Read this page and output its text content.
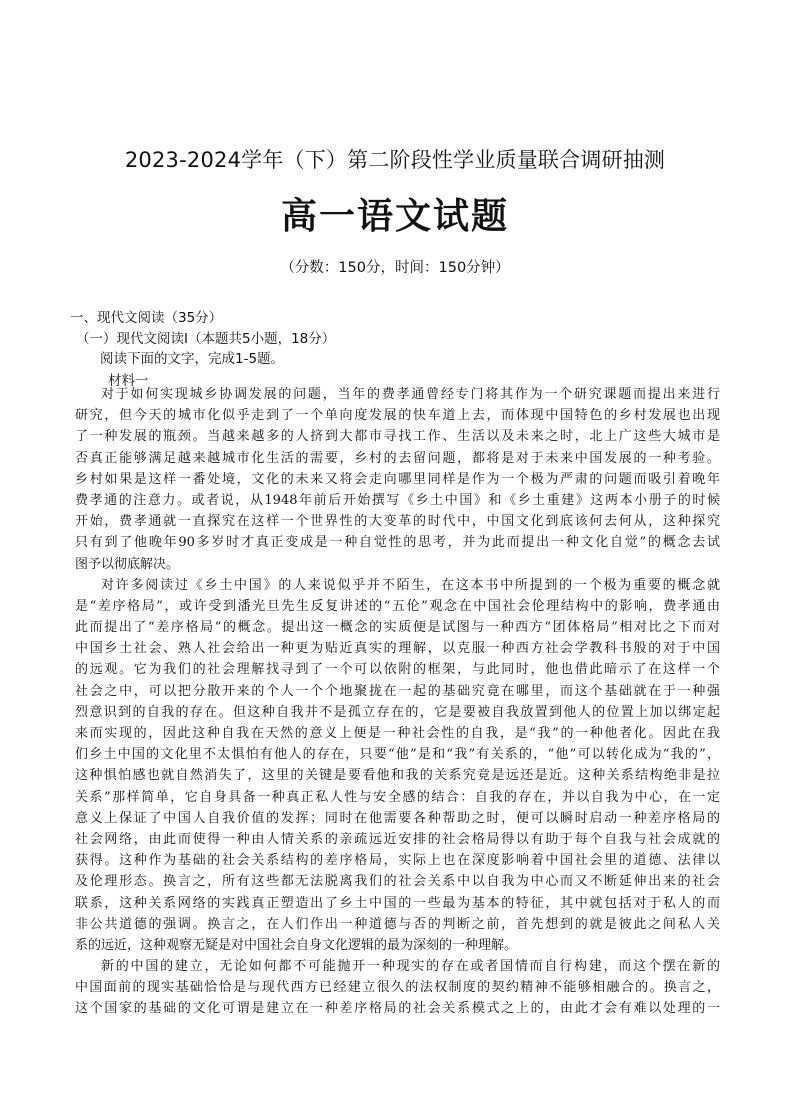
2023-2024学年（下）第二阶段性学业质量联合调研抽测
高一语文试题
（分数：150分，时间：150分钟）
一、现代文阅读（35分）
（一）现代文阅读Ⅰ（本题共5小题，18分）
阅读下面的文字，完成1-5题。
材料一
对于如何实现城乡协调发展的问题，当年的费孝通曾经专门将其作为一个研究课题而提出来进行
研究，但今天的城市化似乎走到了一个单向度发展的快车道上去，而体现中国特色的乡村发展也出现
了一种发展的瓶颈。当越来越多的人挤到大都市寻找工作、生活以及未来之时，北上广这些大城市是
否真正能够满足越来越城市化生活的需要，乡村的去留问题，都将是对于未来中国发展的一种考验。
乡村如果是这样一番处境，文化的未来又将会走向哪里同样是作为一个极为严肃的问题而吸引着晚年
费孝通的注意力。或者说，从1948年前后开始撰写《乡土中国》和《乡土重建》这两本小册子的时候
开始，费孝通就一直探究在这样一个世界性的大变革的时代中，中国文化到底该何去何从，这种探究
只有到了他晚年90多岁时才真正变成是一种自觉性的思考，并为此而提出一种文化自觉”的概念去试
图予以彻底解决。
对许多阅读过《乡土中国》的人来说似乎并不陌生，在这本书中所提到的一个极为重要的概念就
是“差序格局”，或许受到潘光旦先生反复讲述的“五伦”观念在中国社会伦理结构中的影响，费孝通由
此而提出了“差序格局”的概念。提出这一概念的实质便是试图与一种西方“团体格局”相对比之下而对
中国乡土社会、熟人社会给出一种更为贴近真实的理解，以克服一种西方社会学教科书般的对于中国
的远观。它为我们的社会理解找寻到了一个可以依附的框架，与此同时，他也借此暗示了在这样一个
社会之中，可以把分散开来的个人一个个地聚拢在一起的基础究竟在哪里，而这个基础就在于一种强
烈意识到的自我的存在。但这种自我并不是孤立存在的，它是要被自我放置到他人的位置上加以绑定起
来而实现的，因此这种自我在天然的意义上便是一种社会性的自我，是“我”的一种他者化。因此在我
们乡土中国的文化里不太惧怕有他人的存在，只要“他”是和“我”有关系的，“他”可以转化成为“我的”，
这种惧怕感也就自然消失了，这里的关键是要看他和我的关系究竟是远还是近。这种关系结构绝非是拉
关系”那样简单，它自身具备一种真正私人性与安全感的结合：自我的存在，并以自我为中心，在一定
意义上保证了中国人自我价值的发挥；同时在他需要各种帮助之时，便可以瞬时启动一种差序格局的
社会网络，由此而使得一种由人情关系的亲疏远近安排的社会格局得以有助于每个自我与社会成就的
获得。这种作为基础的社会关系结构的差序格局，实际上也在深度影响着中国社会里的道德、法律以
及伦理形态。换言之，所有这些都无法脱离我们的社会关系中以自我为中心而又不断延伸出来的社会
联系，这种关系网络的实践真正塑造出了乡土中国的一些最为基本的特征，其中就包括对于私人的而
非公共道德的强调。换言之，在人们作出一种道德与否的判断之前，首先想到的就是彼此之间私人关
系的远近，这种观察无疑是对中国社会自身文化逻辑的最为深刻的一种理解。
新的中国的建立，无论如何都不可能抛开一种现实的存在或者国情而自行构建，而这个摆在新的
中国面前的现实基础恰恰是与现代西方已经建立很久的法权制度的契约精神不能够相融合的。换言之，
这个国家的基础的文化可谓是建立在一种差序格局的社会关系模式之上的，由此才会有难以处理的一
